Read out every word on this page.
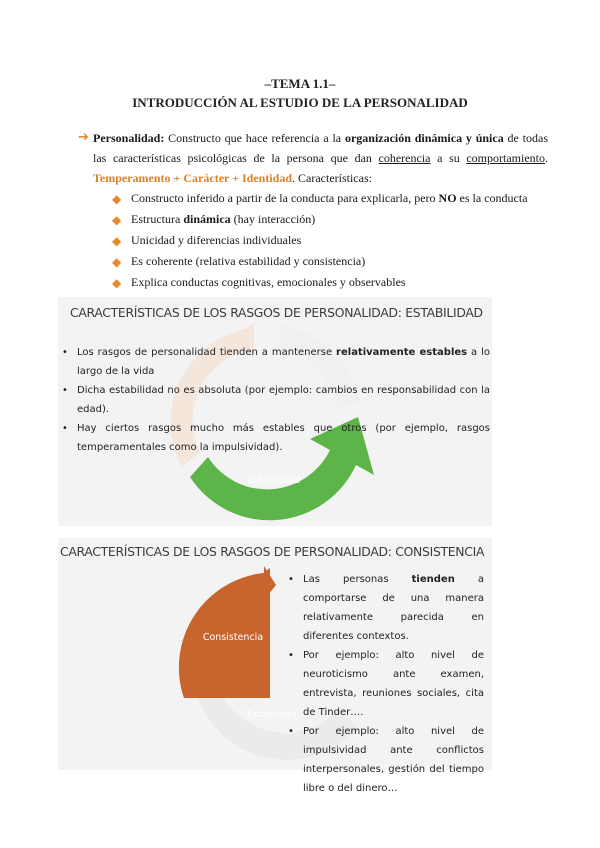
–TEMA 1.1–
INTRODUCCIÓN AL ESTUDIO DE LA PERSONALIDAD
➔ Personalidad: Constructo que hace referencia a la organización dinámica y única de todas las características psicológicas de la persona que dan coherencia a su comportamiento. Temperamento + Carácter + Identidad. Características:
◆ Constructo inferido a partir de la conducta para explicarla, pero NO es la conducta
◆ Estructura dinámica (hay interacción)
◆ Unicidad y diferencias individuales
◆ Es coherente (relativa estabilidad y consistencia)
◆ Explica conductas cognitivas, emocionales y observables
Estabilidad
CARACTERÍSTICAS DE LOS RASGOS DE PERSONALIDAD: ESTABILIDAD
• Los rasgos de personalidad tienden a mantenerse relativamente estables a lo largo de la vida
• Dicha estabilidad no es absoluta (por ejemplo: cambios en responsabilidad con la edad).
• Hay ciertos rasgos mucho más estables que otros (por ejemplo, rasgos temperamentales como la impulsividad).
Consistencia
Estabilidad
CARACTERÍSTICAS DE LOS RASGOS DE PERSONALIDAD: CONSISTENCIA
• Las personas tienden a comportarse de una manera relativamente parecida en diferentes contextos.
• Por ejemplo: alto nivel de neuroticismo ante examen, entrevista, reuniones sociales, cita de Tinder….
• Por ejemplo: alto nivel de impulsividad ante conflictos interpersonales, gestión del tiempo libre o del dinero…
